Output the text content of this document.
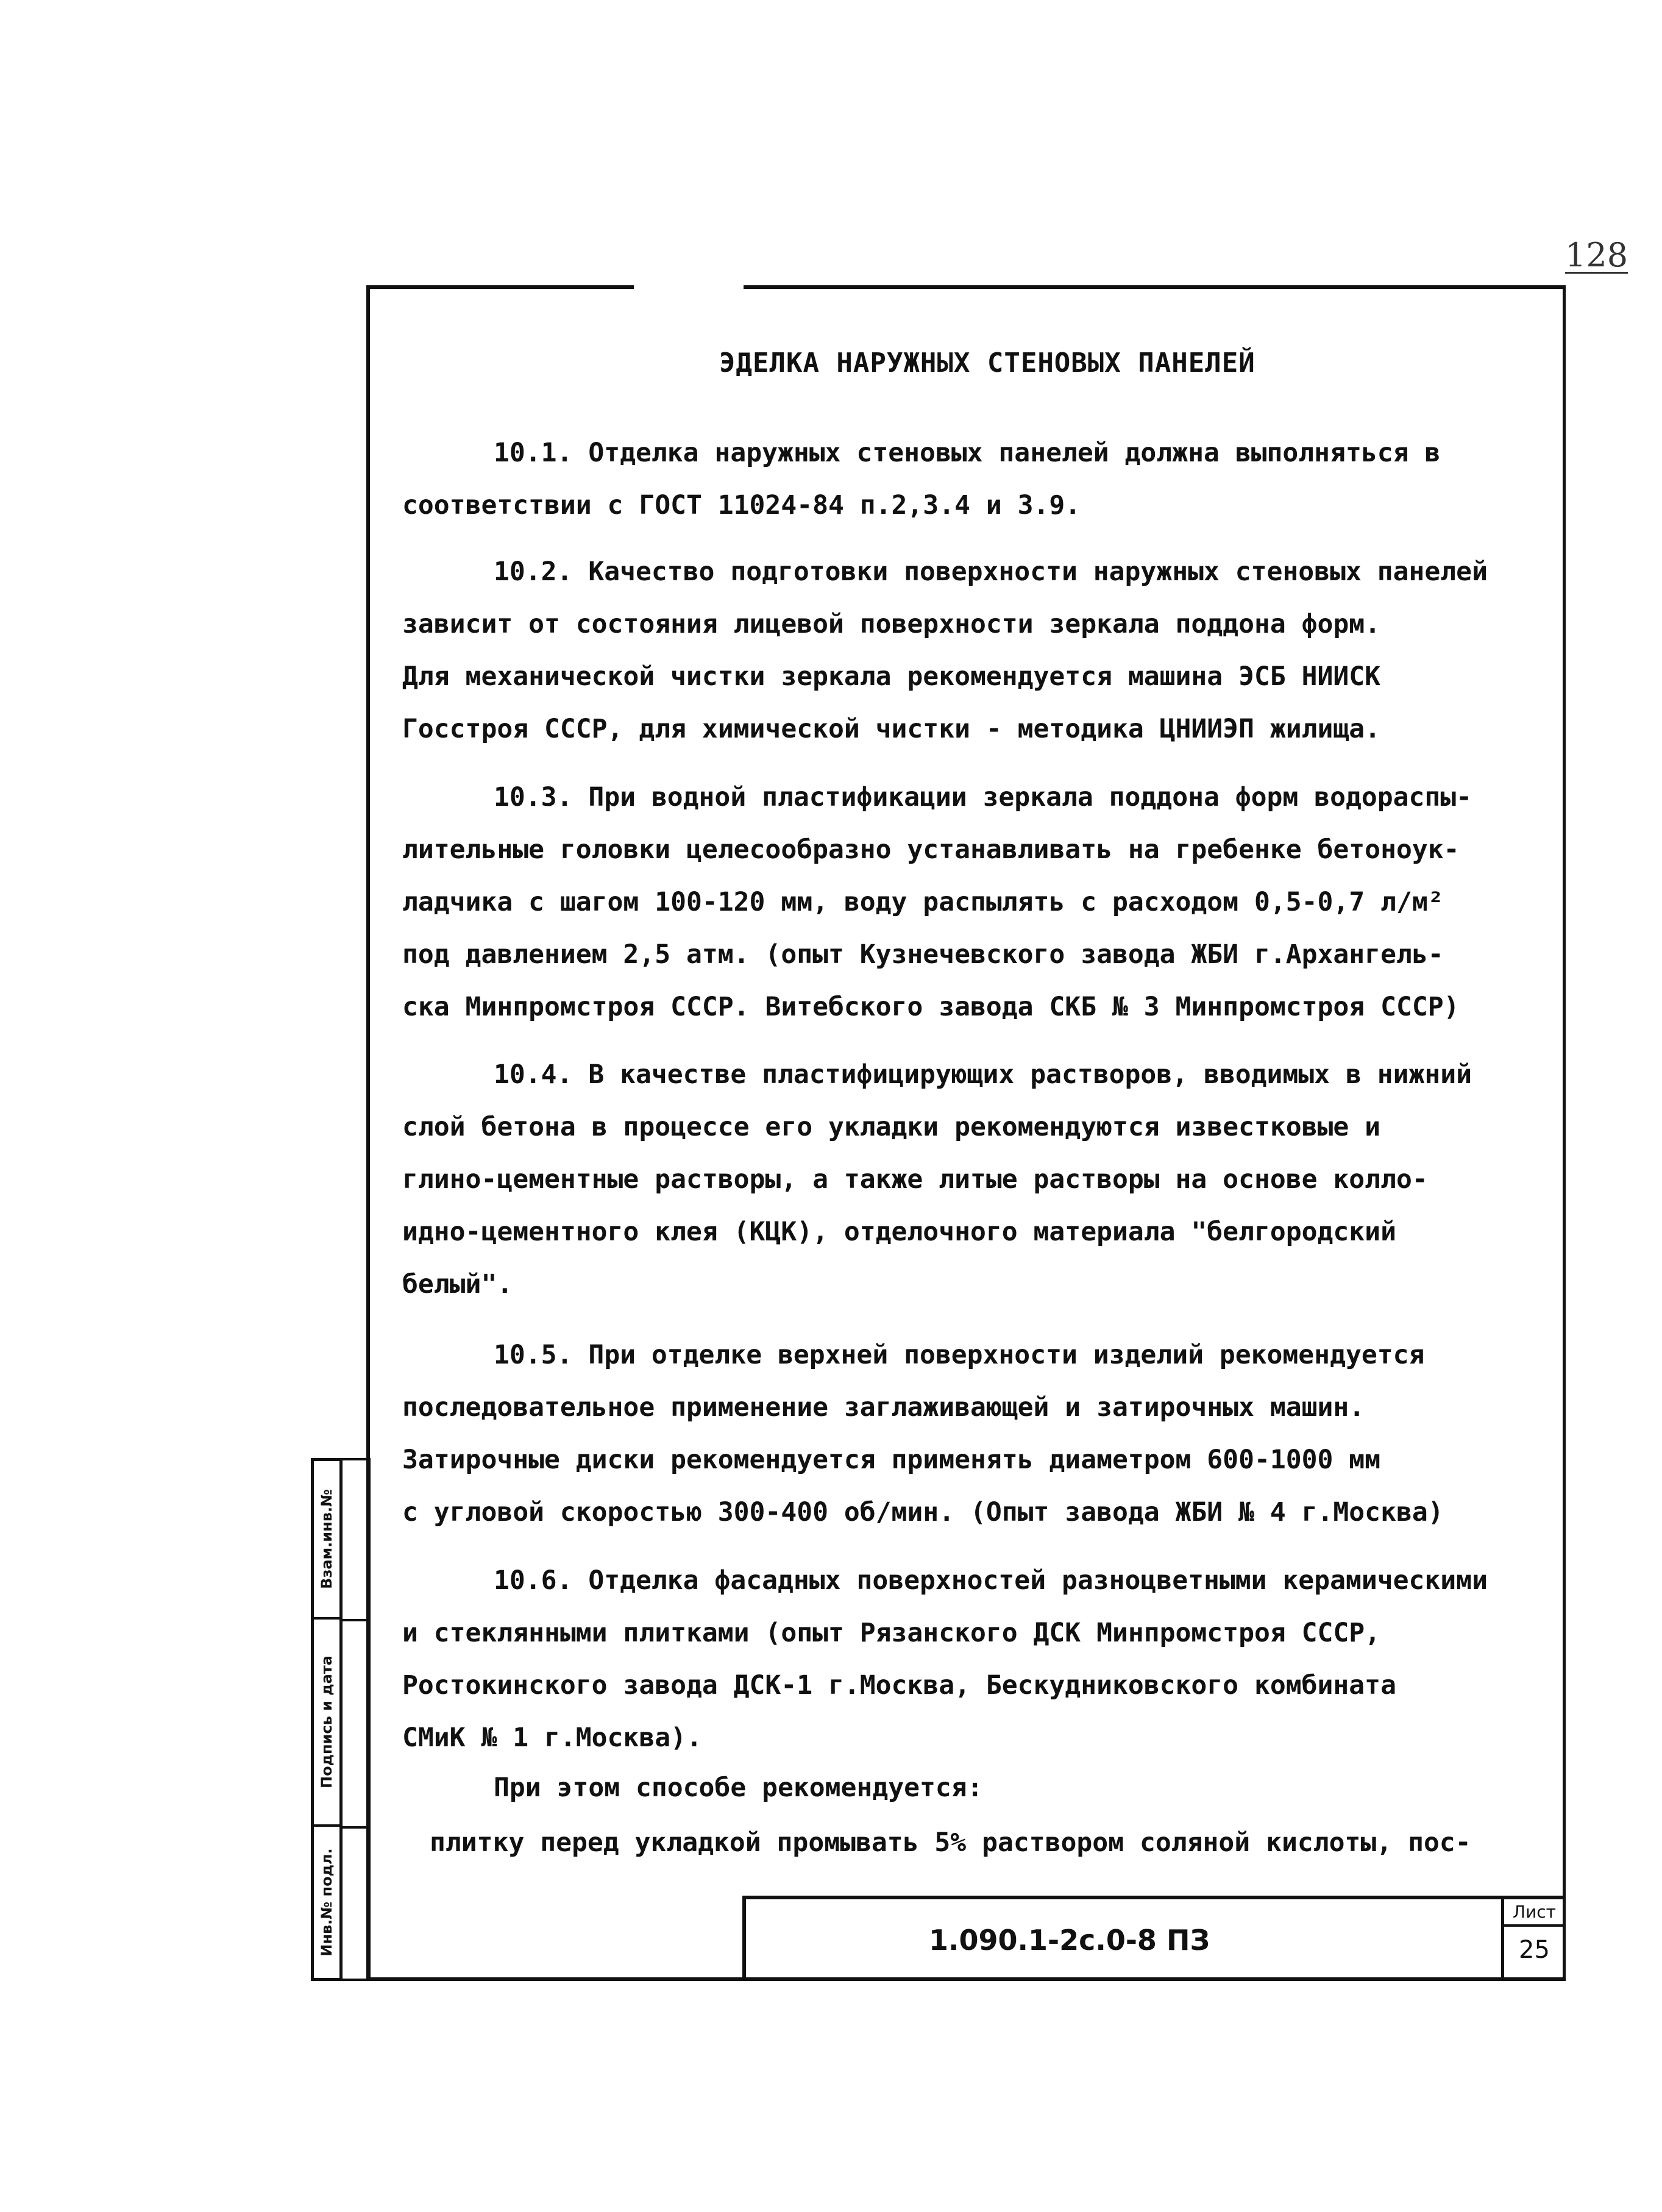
128
ЭДЕЛКА НАРУЖНЫХ СТЕНОВЫХ ПАНЕЛЕЙ
10.1. Отделка наружных стеновых панелей должна выполняться в
соответствии с ГОСТ 11024-84 п.2,3.4 и 3.9.
10.2. Качество подготовки поверхности наружных стеновых панелей
зависит от состояния лицевой поверхности зеркала поддона форм.
Для механической чистки зеркала рекомендуется машина ЭСБ НИИСК
Госстроя СССР, для химической чистки - методика ЦНИИЭП жилища.
10.3. При водной пластификации зеркала поддона форм водораспы-
лительные головки целесообразно устанавливать на гребенке бетоноук-
ладчика с шагом 100-120 мм, воду распылять с расходом 0,5-0,7 л/м²
под давлением 2,5 атм. (опыт Кузнечевского завода ЖБИ г.Архангель-
ска Минпромстроя СССР. Витебского завода СКБ № 3 Минпромстроя СССР)
10.4. В качестве пластифицирующих растворов, вводимых в нижний
слой бетона в процессе его укладки рекомендуются известковые и
глино-цементные растворы, а также литые растворы на основе колло-
идно-цементного клея (КЦК), отделочного материала "белгородский
белый".
10.5. При отделке верхней поверхности изделий рекомендуется
последовательное применение заглаживающей и затирочных машин.
Затирочные диски рекомендуется применять диаметром 600-1000 мм
с угловой скоростью 300-400 об/мин. (Опыт завода ЖБИ № 4 г.Москва)
10.6. Отделка фасадных поверхностей разноцветными керамическими
и стеклянными плитками (опыт Рязанского ДСК Минпромстроя СССР,
Ростокинского завода ДСК-1 г.Москва, Бескудниковского комбината
СМиК № 1 г.Москва).
При этом способе рекомендуется:
плитку перед укладкой промывать 5% раствором соляной кислоты, пос-
Взам.инв.№
Подпись и дата
Инв.№ подл.	1.090.1-2с.0-8 ПЗ
Лист
25
